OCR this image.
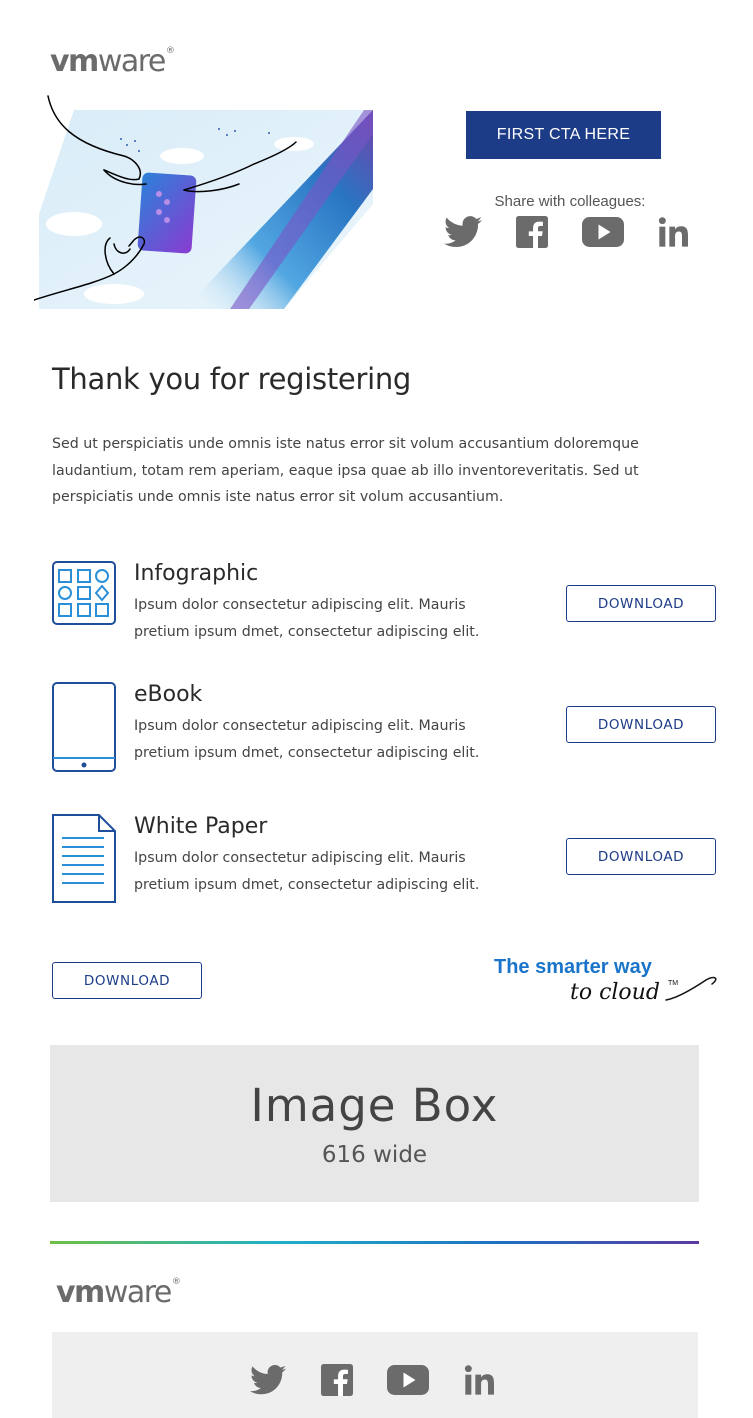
vmware®
FIRST CTA HERE
Share with colleagues:
Thank you for registering

Sed ut perspiciatis unde omnis iste natus error sit volum accusantium doloremque laudantium, totam rem aperiam, eaque ipsa quae ab illo inventoreveritatis. Sed ut perspiciatis unde omnis iste natus error sit volum accusantium.

Infographic

Ipsum dolor consectetur adipiscing elit. Mauris pretium ipsum dmet, consectetur adipiscing elit.

DOWNLOAD
eBook

Ipsum dolor consectetur adipiscing elit. Mauris pretium ipsum dmet, consectetur adipiscing elit.

DOWNLOAD
White Paper

Ipsum dolor consectetur adipiscing elit. Mauris pretium ipsum dmet, consectetur adipiscing elit.

DOWNLOAD
DOWNLOAD
The smarter way
to cloud TM
Image Box
616 wide
vmware®
